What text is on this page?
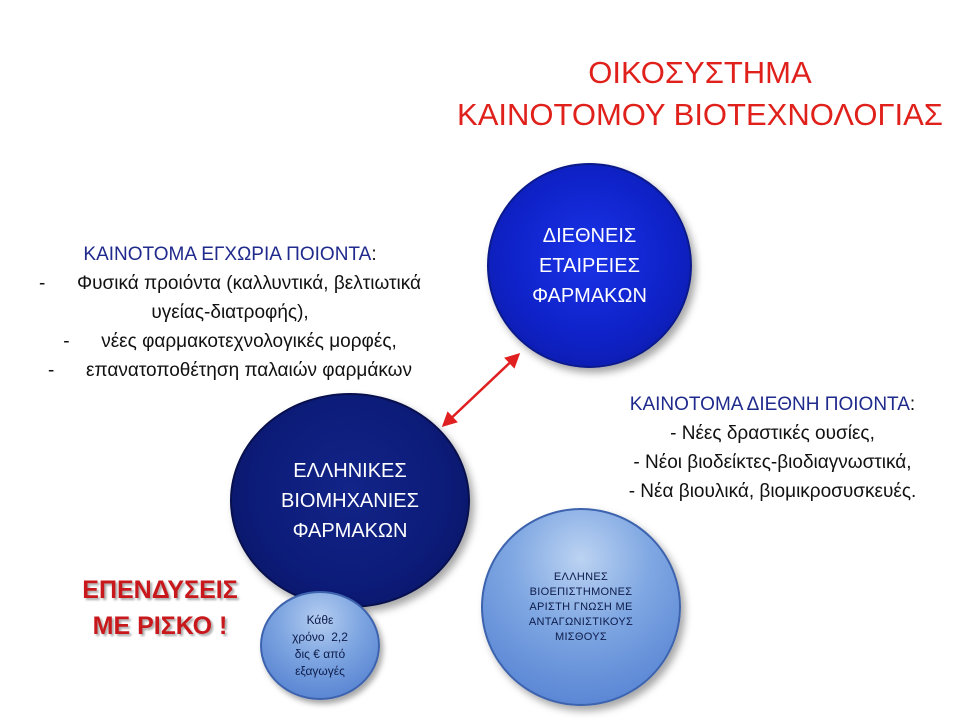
ΟΙΚΟΣΥΣΤΗΜΑ
ΚΑΙΝΟΤΟΜΟΥ ΒΙΟΤΕΧΝΟΛΟΓΙΑΣ
ΚΑΙΝΟΤΟΜΑ ΕΓΧΩΡΙΑ ΠΟΙΟΝΤΑ:
-      Φυσικά προιόντα (καλλυντικά, βελτιωτικά
υγείας-διατροφής),
-      νέες φαρμακοτεχνολογικές μορφές,
-      επανατοποθέτηση παλαιών φαρμάκων
ΚΑΙΝΟΤΟΜΑ ΔΙΕΘΝΗ ΠΟΙΟΝΤΑ:
- Νέες δραστικές ουσίες,
- Νέοι βιοδείκτες-βιοδιαγνωστικά,
- Νέα βιουλικά, βιομικροσυσκευές.
ΔΙΕΘΝΕΙΣ
ΕΤΑΙΡΕΙΕΣ
ΦΑΡΜΑΚΩΝ
ΕΛΛΗΝΙΚΕΣ
ΒΙΟΜΗΧΑΝΙΕΣ
ΦΑΡΜΑΚΩΝ
ΕΛΛΗΝΕΣ
ΒΙΟΕΠΙΣΤΗΜΟΝΕΣ
ΑΡΙΣΤΗ ΓΝΩΣΗ ΜΕ
ΑΝΤΑΓΩΝΙΣΤΙΚΟΥΣ
ΜΙΣΘΟΥΣ
Κάθε
χρόνο  2,2
δις € από
εξαγωγές
ΕΠΕΝΔΥΣΕΙΣ
ΜΕ ΡΙΣΚΟ !
